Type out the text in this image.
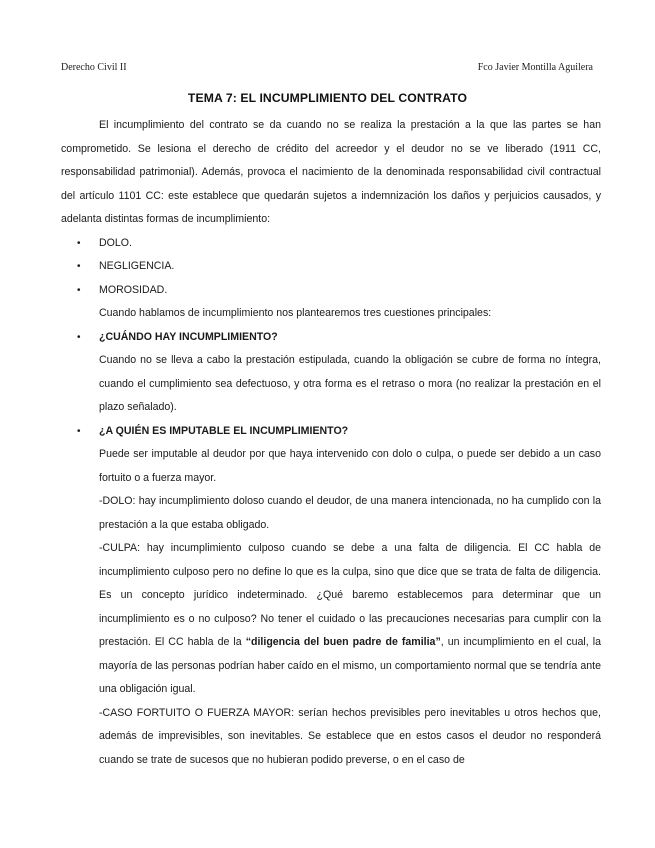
Derecho Civil II	Fco Javier Montilla Aguilera
TEMA 7: EL INCUMPLIMIENTO DEL CONTRATO

El incumplimiento del contrato se da cuando no se realiza la prestación a la que las partes se han comprometido. Se lesiona el derecho de crédito del acreedor y el deudor no se ve liberado (1911 CC, responsabilidad patrimonial). Además, provoca el nacimiento de la denominada responsabilidad civil contractual del artículo 1101 CC: este establece que quedarán sujetos a indemnización los daños y perjuicios causados, y adelanta distintas formas de incumplimiento:

• DOLO.
• NEGLIGENCIA.
• MOROSIDAD.

Cuando hablamos de incumplimiento nos plantearemos tres cuestiones principales:

• ¿CUÁNDO HAY INCUMPLIMIENTO?

Cuando no se lleva a cabo la prestación estipulada, cuando la obligación se cubre de forma no íntegra, cuando el cumplimiento sea defectuoso, y otra forma es el retraso o mora (no realizar la prestación en el plazo señalado).

• ¿A QUIÉN ES IMPUTABLE EL INCUMPLIMIENTO?

Puede ser imputable al deudor por que haya intervenido con dolo o culpa, o puede ser debido a un caso fortuito o a fuerza mayor.

-DOLO: hay incumplimiento doloso cuando el deudor, de una manera intencionada, no ha cumplido con la prestación a la que estaba obligado.

-CULPA: hay incumplimiento culposo cuando se debe a una falta de diligencia. El CC habla de incumplimiento culposo pero no define lo que es la culpa, sino que dice que se trata de falta de diligencia. Es un concepto jurídico indeterminado. ¿Qué baremo establecemos para determinar que un incumplimiento es o no culposo? No tener el cuidado o las precauciones necesarias para cumplir con la prestación. El CC habla de la “diligencia del buen padre de familia”, un incumplimiento en el cual, la mayoría de las personas podrían haber caído en el mismo, un comportamiento normal que se tendría ante una obligación igual.

-CASO FORTUITO O FUERZA MAYOR: serían hechos previsibles pero inevitables u otros hechos que, además de imprevisibles, son inevitables. Se establece que en estos casos el deudor no responderá cuando se trate de sucesos que no hubieran podido preverse, o en el caso de
